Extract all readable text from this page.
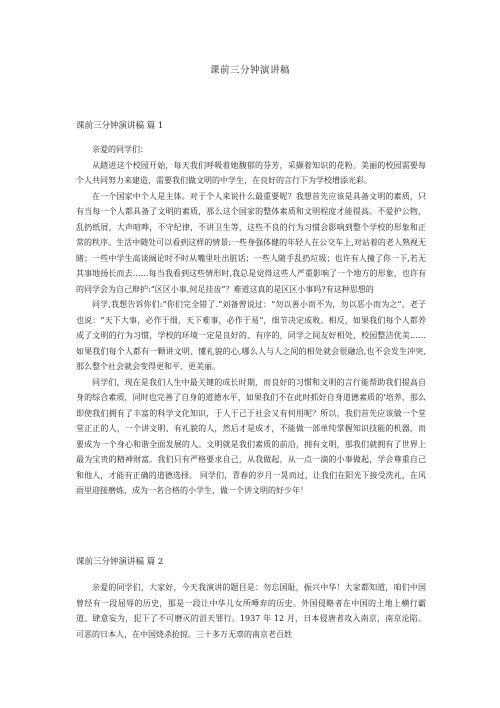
课前三分钟演讲稿
课前三分钟演讲稿 篇 1

亲爱的同学们：

从踏进这个校园开始，每天我们呼吸着她馥郁的芬芳，采撷着知识的花粉。美丽的校园需要每个人共同努力来建造，需要我们做文明的中学生，在良好的言行下为学校增添光彩。

在一个国家中个人是主体。对于个人来说什么最重要呢？我想首先应该是具备文明的素质，只有当每一个人都具备了文明的素质，那么这个国家的整体素质和文明程度才能提高。不爱护公物，乱扔纸屑，大声喧哗，不守纪律，不讲卫生等，这些不良的行为习惯会影响到整个学校的形象和正常的秩序。生活中随处可以看到这样的情景:一些身强体健的年轻人在公交车上,对站着的老人熟视无睹；一些中学生高谈阔论时不时从嘴里吐出脏话；一些人随手乱扔垃圾；也许有人撞了你一下,若无其事地扬长而去……每当我看到这些情形时,我总是觉得这些人严重影响了一个地方的形象，也许有的同学会为自己辩护:“区区小事,何足挂齿”？难道这真的是区区小事吗?有这种思想的

同学,我想告诉你们:“你们完全错了.”刘备曾说过：“勿以善小而不为，勿以恶小而为之”，老子也说：“天下大事，必作于细，天下难事，必作于易”，细节决定成败。相反，如果我们每个人都养成了文明的行为习惯，学校的环境一定是良好的、有序的，同学之间友好相处，校园整洁优美……如果我们每个人都有一颗讲文明、懂礼貌的心,哪么人与人之间的相处就会很融洽,也不会发生冲突,那么整个社会就会变得更和平、更美丽。

同学们，现在是我们人生中最关键的成长时期，而良好的习惯和文明的言行能帮助我们提高自身的综合素质，同时也完善了自身的道德水平，如果我们不在此时抓好自身道德素质的'培养，那么即使我们拥有了丰富的科学文化知识，于人于己于社会又有何用呢？所以，我们首先应该做一个堂堂正正的人，一个讲文明、有礼貌的人，然后才是成才，不能做一部单纯掌握知识技能的机器，而要成为一个身心和谐全面发展的人。文明就是我们素质的前沿，拥有文明，那我们就拥有了世界上最为宝贵的精神财富。我们只有严格要求自己，从我做起，从一点一滴的小事做起，学会尊重自己和他人，才能有正确的道德选择。 同学们，青春的岁月一晃而过，让我们在阳光下接受洗礼，在风雨里迎接磨炼，成为一名合格的小学生，做一个讲文明的好少年！

课前三分钟演讲稿 篇 2

亲爱的同学们，大家好，今天我演讲的题目是：勿忘国耻，振兴中华！大家都知道，咱们中国曾经有一段屈辱的历史，那是一段让中华儿女所唾弃的历史。外国侵略者在中国的土地上横行霸道、肆意妄为，犯下了不可磨灭的滔天罪行。1937 年 12 月，日本侵唐者攻入南京，南京沦陷。可恶的日本人，在中国烧杀抢掠。三十多万无辜的南京老百姓
